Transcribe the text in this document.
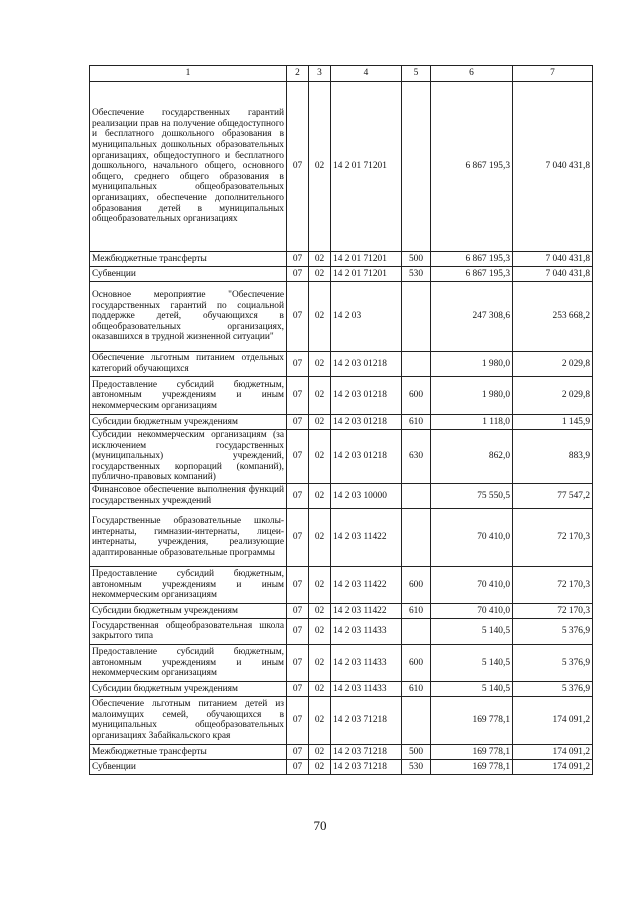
1	2	3	4	5	6	7
Обеспечение государственных гарантий реализации прав на получение общедоступного и бесплатного дошкольного образования в муниципальных дошкольных образовательных организациях, общедоступного и бесплатного дошкольного, начального общего, основного общего, среднего общего образования в муниципальных общеобразовательных организациях, обеспечение дополнительного образования детей в муниципальных общеобразовательных организациях	07	02	14 2 01 71201		6 867 195,3	7 040 431,8
Межбюджетные трансферты	07	02	14 2 01 71201	500	6 867 195,3	7 040 431,8
Субвенции	07	02	14 2 01 71201	530	6 867 195,3	7 040 431,8
Основное мероприятие "Обеспечение государственных гарантий по социальной поддержке детей, обучающихся в общеобразовательных организациях, оказавшихся в трудной жизненной ситуации"	07	02	14 2 03		247 308,6	253 668,2
Обеспечение льготным питанием отдельных категорий обучающихся	07	02	14 2 03 01218		1 980,0	2 029,8
Предоставление субсидий бюджетным, автономным учреждениям и иным некоммерческим организациям	07	02	14 2 03 01218	600	1 980,0	2 029,8
Субсидии бюджетным учреждениям	07	02	14 2 03 01218	610	1 118,0	1 145,9
Субсидии некоммерческим организациям (за исключением государственных (муниципальных) учреждений, государственных корпораций (компаний), публично-правовых компаний)	07	02	14 2 03 01218	630	862,0	883,9
Финансовое обеспечение выполнения функций государственных учреждений	07	02	14 2 03 10000		75 550,5	77 547,2
Государственные образовательные школы-интернаты, гимназии-интернаты, лицеи-интернаты, учреждения, реализующие адаптированные образовательные программы	07	02	14 2 03 11422		70 410,0	72 170,3
Предоставление субсидий бюджетным, автономным учреждениям и иным некоммерческим организациям	07	02	14 2 03 11422	600	70 410,0	72 170,3
Субсидии бюджетным учреждениям	07	02	14 2 03 11422	610	70 410,0	72 170,3
Государственная общеобразовательная школа закрытого типа	07	02	14 2 03 11433		5 140,5	5 376,9
Предоставление субсидий бюджетным, автономным учреждениям и иным некоммерческим организациям	07	02	14 2 03 11433	600	5 140,5	5 376,9
Субсидии бюджетным учреждениям	07	02	14 2 03 11433	610	5 140,5	5 376,9
Обеспечение льготным питанием детей из малоимущих семей, обучающихся в муниципальных общеобразовательных организациях Забайкальского края	07	02	14 2 03 71218		169 778,1	174 091,2
Межбюджетные трансферты	07	02	14 2 03 71218	500	169 778,1	174 091,2
Субвенции	07	02	14 2 03 71218	530	169 778,1	174 091,2
70
